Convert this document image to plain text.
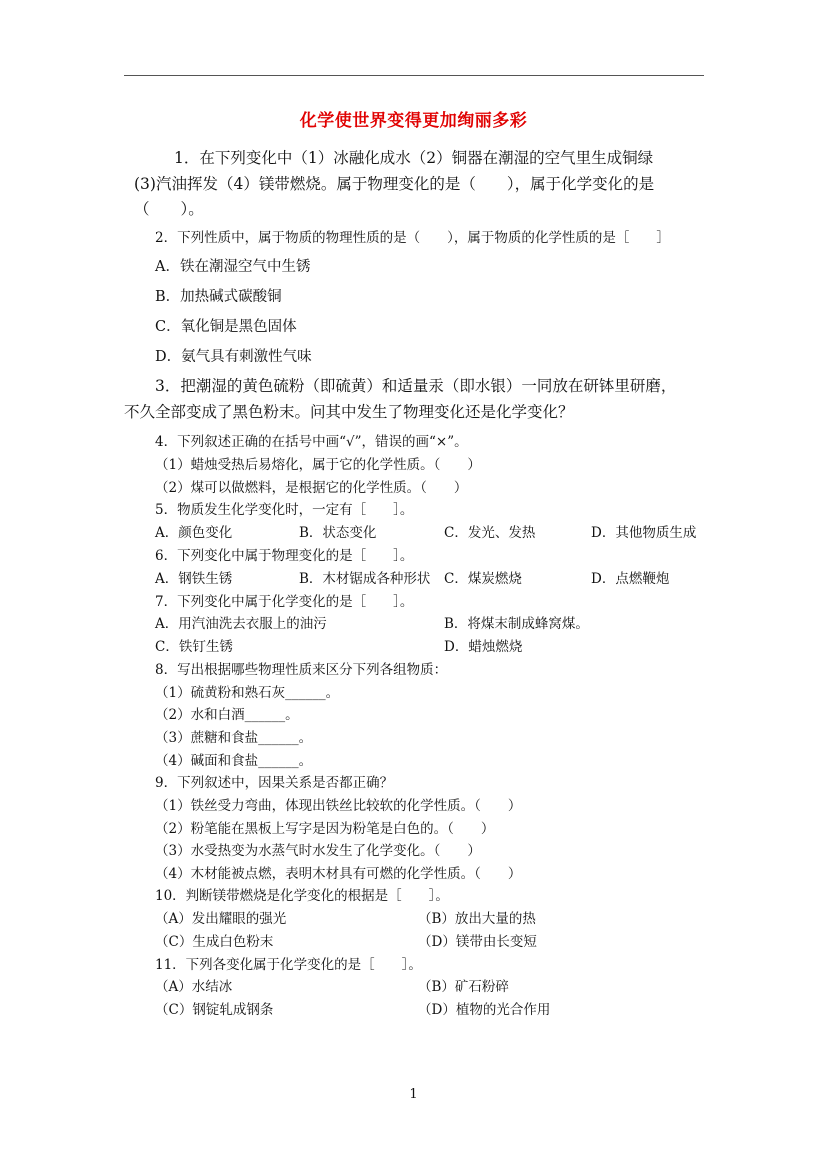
化学使世界变得更加绚丽多彩
1．在下列变化中（1）冰融化成水（2）铜器在潮湿的空气里生成铜绿
(3)汽油挥发（4）镁带燃烧。属于物理变化的是（　　），属于化学变化的是
（　　）。
2．下列性质中，属于物质的物理性质的是（　　），属于物质的化学性质的是［　　］
A．铁在潮湿空气中生锈
B．加热碱式碳酸铜
C．氧化铜是黑色固体
D．氨气具有刺激性气味
3．把潮湿的黄色硫粉（即硫黄）和适量汞（即水银）一同放在研钵里研磨，
不久全部变成了黑色粉末。问其中发生了物理变化还是化学变化？
4．下列叙述正确的在括号中画“√”，错误的画“×”。
（1）蜡烛受热后易熔化，属于它的化学性质。（　　）
（2）煤可以做燃料，是根据它的化学性质。（　　）
5．物质发生化学变化时，一定有［　　］。
A．颜色变化	B．状态变化	C．发光、发热	D．其他物质生成
6．下列变化中属于物理变化的是［　　］。
A．钢铁生锈	B．木材锯成各种形状 C．煤炭燃烧	D．点燃鞭炮
7．下列变化中属于化学变化的是［　　］。
A．用汽油洗去衣服上的油污	B．将煤末制成蜂窝煤。
C．铁钉生锈	D．蜡烛燃烧
8．写出根据哪些物理性质来区分下列各组物质：
（1）硫黄粉和熟石灰______。
（2）水和白酒______。
（3）蔗糖和食盐______。
（4）碱面和食盐______。
9．下列叙述中，因果关系是否都正确？
（1）铁丝受力弯曲，体现出铁丝比较软的化学性质。（　　）
（2）粉笔能在黑板上写字是因为粉笔是白色的。（　　）
（3）水受热变为水蒸气时水发生了化学变化。（　　）
（4）木材能被点燃，表明木材具有可燃的化学性质。（　　）
10．判断镁带燃烧是化学变化的根据是［　　］。
（A）发出耀眼的强光	（B）放出大量的热
（C）生成白色粉末	（D）镁带由长变短
11．下列各变化属于化学变化的是［　　］。
（A）水结冰	（B）矿石粉碎
（C）钢锭轧成钢条	（D）植物的光合作用
1
